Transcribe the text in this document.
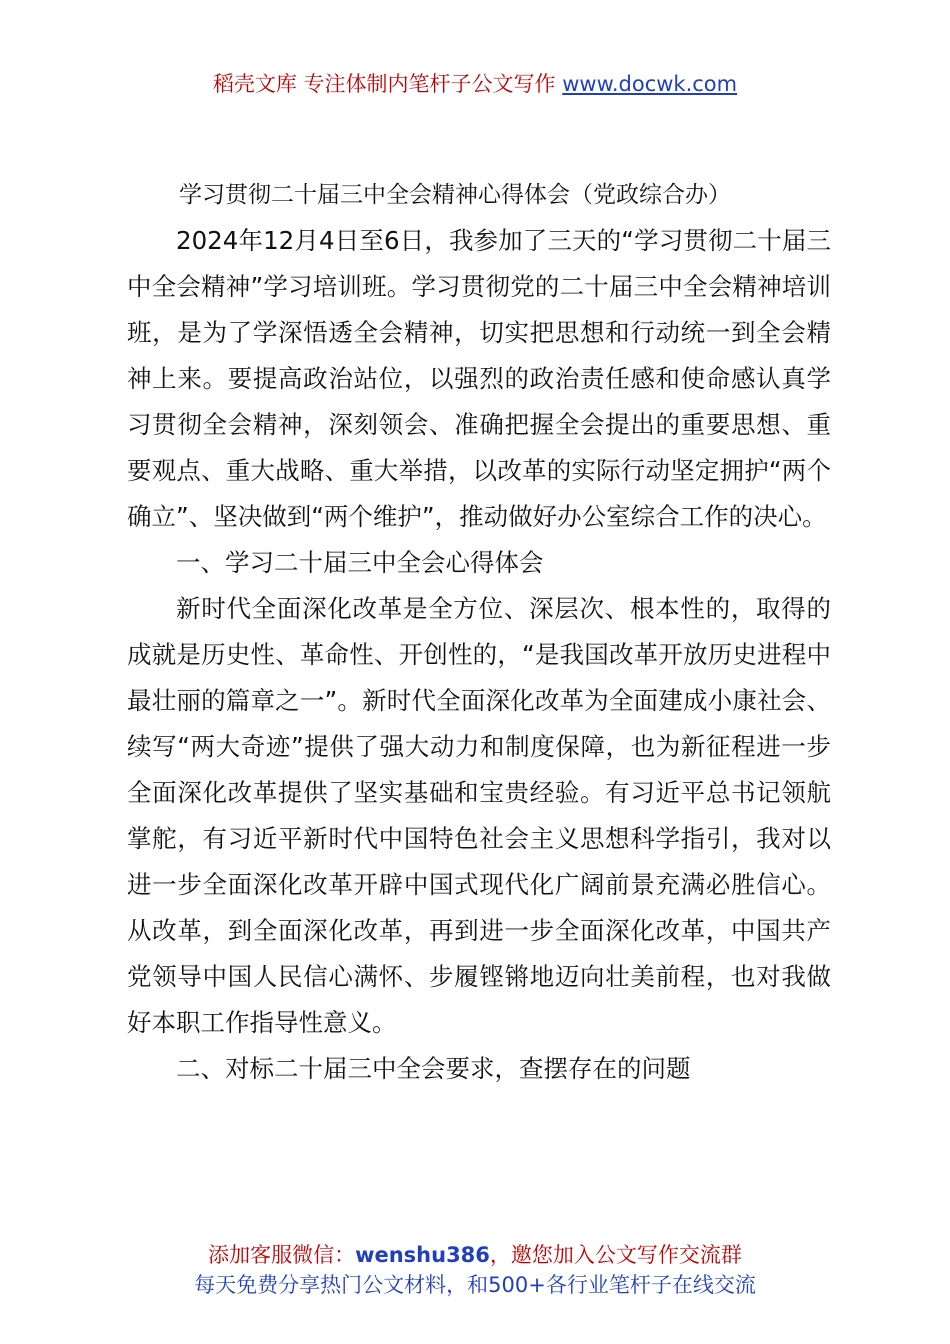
稻壳文库 专注体制内笔杆子公文写作 www.docwk.com

学习贯彻二十届三中全会精神心得体会（党政综合办）

2024年12月4日至6日，我参加了三天的“学习贯彻二十届三中全会精神”学习培训班。学习贯彻党的二十届三中全会精神培训班，是为了学深悟透全会精神，切实把思想和行动统一到全会精神上来。要提高政治站位，以强烈的政治责任感和使命感认真学习贯彻全会精神，深刻领会、准确把握全会提出的重要思想、重要观点、重大战略、重大举措，以改革的实际行动坚定拥护“两个确立”、坚决做到“两个维护”，推动做好办公室综合工作的决心。

一、学习二十届三中全会心得体会

新时代全面深化改革是全方位、深层次、根本性的，取得的成就是历史性、革命性、开创性的，“是我国改革开放历史进程中最壮丽的篇章之一”。新时代全面深化改革为全面建成小康社会、续写“两大奇迹”提供了强大动力和制度保障，也为新征程进一步全面深化改革提供了坚实基础和宝贵经验。有习近平总书记领航掌舵，有习近平新时代中国特色社会主义思想科学指引，我对以进一步全面深化改革开辟中国式现代化广阔前景充满必胜信心。从改革，到全面深化改革，再到进一步全面深化改革，中国共产党领导中国人民信心满怀、步履铿锵地迈向壮美前程，也对我做好本职工作指导性意义。

二、对标二十届三中全会要求，查摆存在的问题

添加客服微信：wenshu386，邀您加入公文写作交流群
每天免费分享热门公文材料，和500+各行业笔杆子在线交流
